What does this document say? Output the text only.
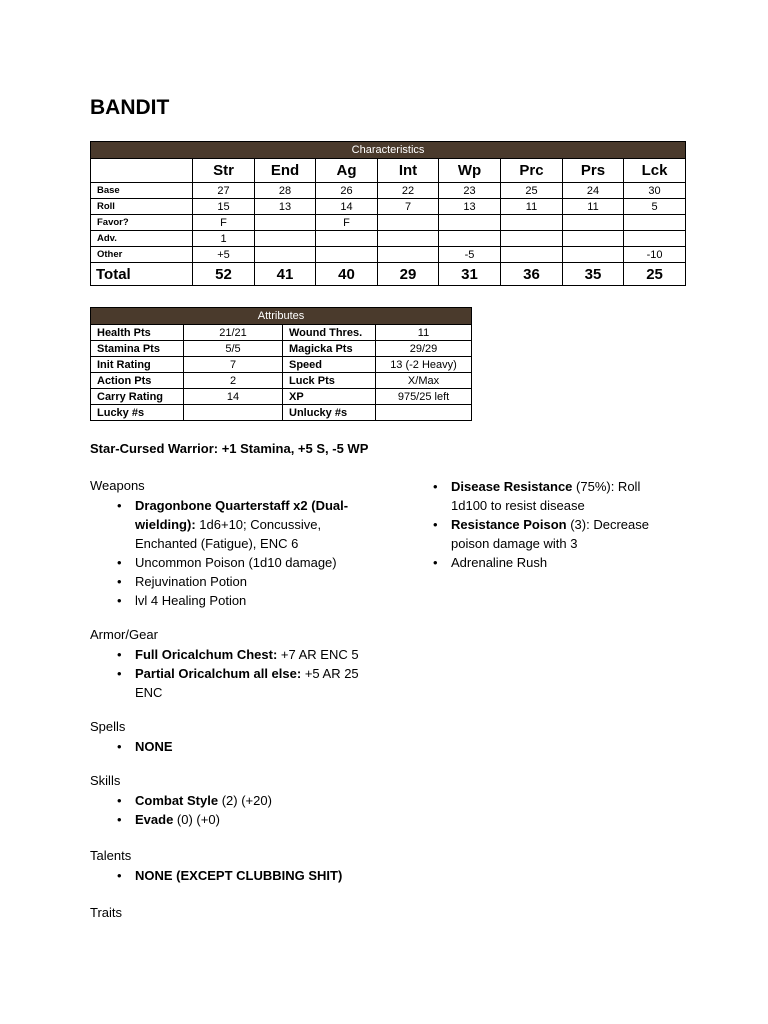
BANDIT
Characteristics								
	Str	End	Ag	Int	Wp	Prc	Prs	Lck
Base	27	28	26	22	23	25	24	30
Roll	15	13	14	7	13	11	11	5
Favor?	F		F					
Adv.	1							
Other	+5				-5			-10
Total	52	41	40	29	31	36	35	25
Attributes			
Health Pts	21/21	Wound Thres.	11
Stamina Pts	5/5	Magicka Pts	29/29
Init Rating	7	Speed	13 (-2 Heavy)
Action Pts	2	Luck Pts	X/Max
Carry Rating	14	XP	975/25 left
Lucky #s		Unlucky #s	
Star-Cursed Warrior: +1 Stamina, +5 S, -5 WP
Weapons
• Dragonbone Quarterstaff x2 (Dual-wielding): 1d6+10; Concussive, Enchanted (Fatigue), ENC 6
• Uncommon Poison (1d10 damage)
• Rejuvination Potion
• lvl 4 Healing Potion
Armor/Gear
• Full Oricalchum Chest: +7 AR ENC 5
• Partial Oricalchum all else: +5 AR 25 ENC
Spells
• NONE
Skills
• Combat Style (2) (+20)
• Evade (0) (+0)
Talents
• NONE (EXCEPT CLUBBING SHIT)
Traits
• Disease Resistance (75%): Roll 1d100 to resist disease
• Resistance Poison (3): Decrease poison damage with 3
• Adrenaline Rush
